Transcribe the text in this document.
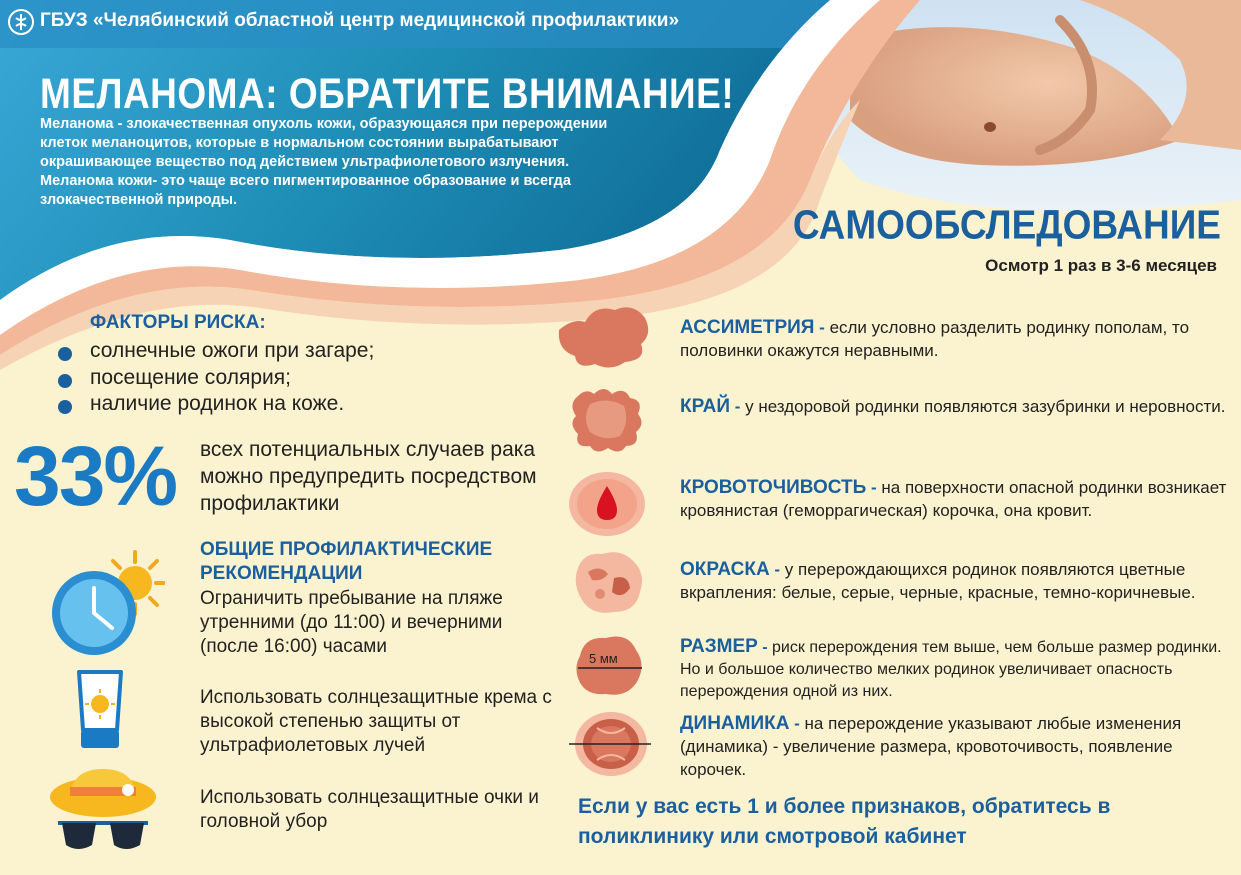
ГБУЗ «Челябинский областной центр медицинской профилактики»
МЕЛАНОМА: ОБРАТИТЕ ВНИМАНИЕ!
Меланома - злокачественная опухоль кожи, образующаяся при перерождении клеток меланоцитов, которые в нормальном состоянии вырабатывают окрашивающее вещество под действием ультрафиолетового излучения. Меланома кожи- это чаще всего пигментированное образование и всегда злокачественной природы.
САМООБСЛЕДОВАНИЕ
Осмотр 1 раз в 3-6 месяцев
ФАКТОРЫ РИСКА:
солнечные ожоги при загаре;
посещение солярия;
наличие родинок на коже.
33% всех потенциальных случаев рака можно предупредить посредством профилактики
ОБЩИЕ ПРОФИЛАКТИЧЕСКИЕ РЕКОМЕНДАЦИИ
Ограничить пребывание на пляже утренними (до 11:00) и вечерними (после 16:00) часами
Использовать солнцезащитные крема с высокой степенью защиты от ультрафиолетовых лучей
Использовать солнцезащитные очки и головной убор
5 мм
АССИМЕТРИЯ - если условно разделить родинку пополам, то половинки окажутся неравными.
КРАЙ - у нездоровой родинки появляются зазубринки и неровности.
КРОВОТОЧИВОСТЬ - на поверхности опасной родинки возникает кровянистая (геморрагическая) корочка, она кровит.
ОКРАСКА - у перерождающихся родинок появляются цветные вкрапления: белые, серые, черные, красные, темно-коричневые.
РАЗМЕР - риск перерождения тем выше, чем больше размер родинки. Но и большое количество мелких родинок увеличивает опасность перерождения одной из них.
ДИНАМИКА - на перерождение указывают любые изменения (динамика) - увеличение размера, кровоточивость, появление корочек.
Если у вас есть 1 и более признаков, обратитесь в поликлинику или смотровой кабинет
